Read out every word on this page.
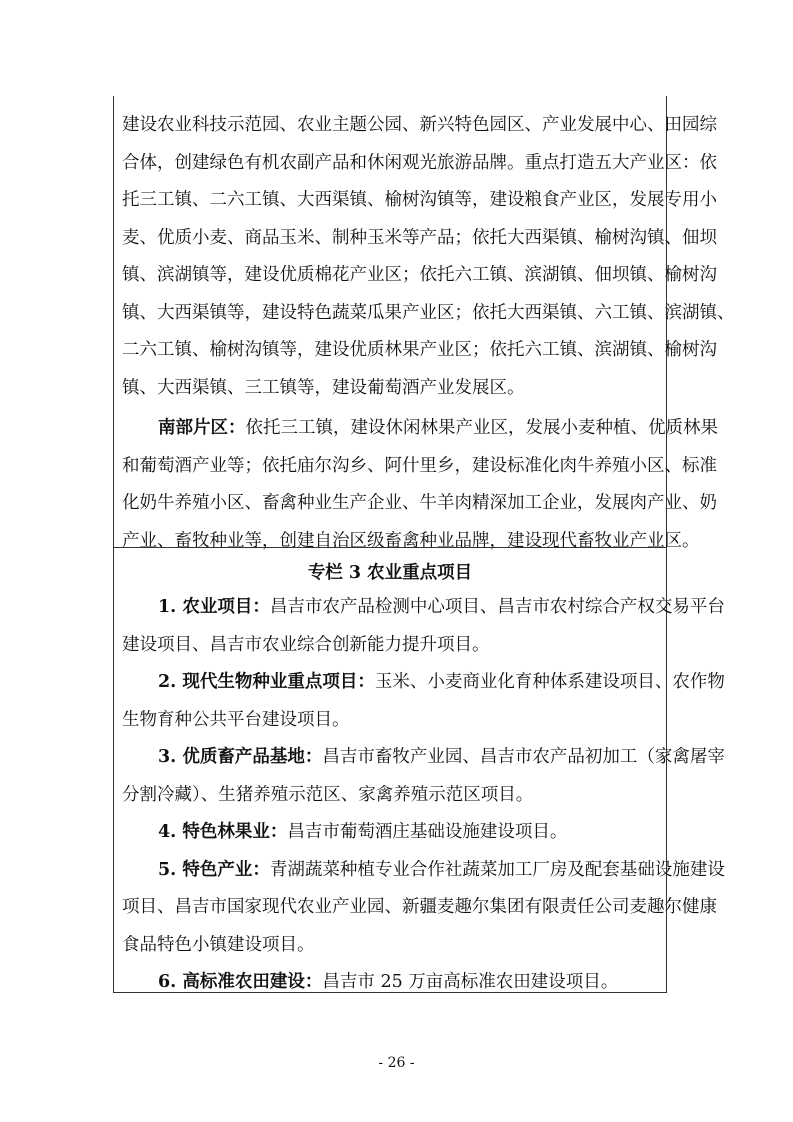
建设农业科技示范园、农业主题公园、新兴特色园区、产业发展中心、田园综
合体，创建绿色有机农副产品和休闲观光旅游品牌。重点打造五大产业区：依
托三工镇、二六工镇、大西渠镇、榆树沟镇等，建设粮食产业区，发展专用小
麦、优质小麦、商品玉米、制种玉米等产品；依托大西渠镇、榆树沟镇、佃坝
镇、滨湖镇等，建设优质棉花产业区；依托六工镇、滨湖镇、佃坝镇、榆树沟
镇、大西渠镇等，建设特色蔬菜瓜果产业区；依托大西渠镇、六工镇、滨湖镇、
二六工镇、榆树沟镇等，建设优质林果产业区；依托六工镇、滨湖镇、榆树沟
镇、大西渠镇、三工镇等，建设葡萄酒产业发展区。
南部片区：依托三工镇，建设休闲林果产业区，发展小麦种植、优质林果
和葡萄酒产业等；依托庙尔沟乡、阿什里乡，建设标准化肉牛养殖小区、标准
化奶牛养殖小区、畜禽种业生产企业、牛羊肉精深加工企业，发展肉产业、奶
产业、畜牧种业等，创建自治区级畜禽种业品牌，建设现代畜牧业产业区。
1. 农业项目：昌吉市农产品检测中心项目、昌吉市农村综合产权交易平台
建设项目、昌吉市农业综合创新能力提升项目。
2. 现代生物种业重点项目：玉米、小麦商业化育种体系建设项目、农作物
生物育种公共平台建设项目。
3. 优质畜产品基地：昌吉市畜牧产业园、昌吉市农产品初加工（家禽屠宰
分割冷藏）、生猪养殖示范区、家禽养殖示范区项目。
4. 特色林果业：昌吉市葡萄酒庄基础设施建设项目。
5. 特色产业：青湖蔬菜种植专业合作社蔬菜加工厂房及配套基础设施建设
项目、昌吉市国家现代农业产业园、新疆麦趣尔集团有限责任公司麦趣尔健康
食品特色小镇建设项目。
6. 高标准农田建设：昌吉市 25 万亩高标准农田建设项目。
专栏 3 农业重点项目
- 26 -
